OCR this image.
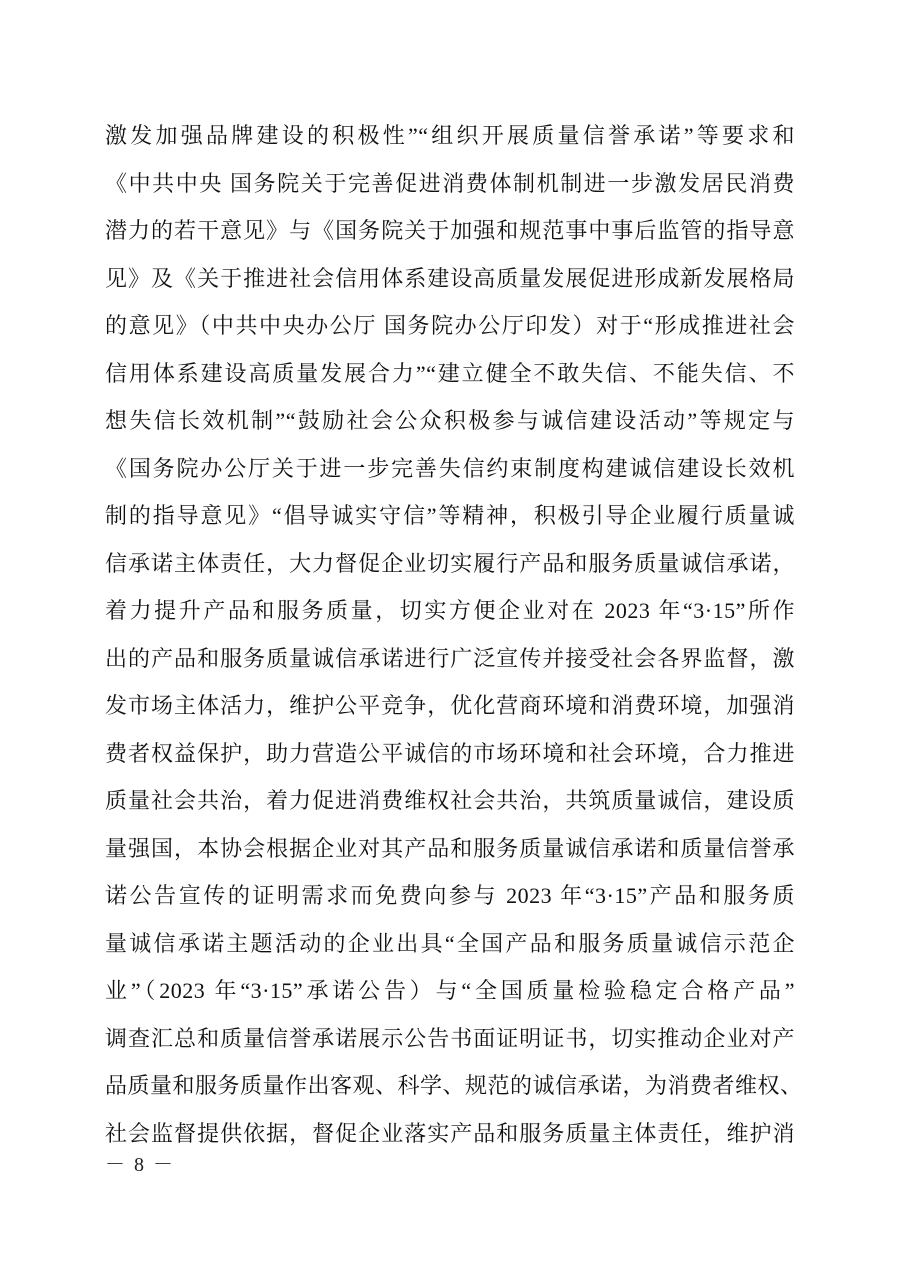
激发加强品牌建设的积极性”“组织开展质量信誉承诺”等要求和
《中共中央 国务院关于完善促进消费体制机制进一步激发居民消费
潜力的若干意见》与《国务院关于加强和规范事中事后监管的指导意
见》及《关于推进社会信用体系建设高质量发展促进形成新发展格局
的意见》（中共中央办公厅 国务院办公厅印发）对于“形成推进社会
信用体系建设高质量发展合力”“建立健全不敢失信、不能失信、不
想失信长效机制”“鼓励社会公众积极参与诚信建设活动”等规定与
《国务院办公厅关于进一步完善失信约束制度构建诚信建设长效机
制的指导意见》“倡导诚实守信”等精神，积极引导企业履行质量诚
信承诺主体责任，大力督促企业切实履行产品和服务质量诚信承诺，
着力提升产品和服务质量，切实方便企业对在 2023 年“3·15”所作
出的产品和服务质量诚信承诺进行广泛宣传并接受社会各界监督，激
发市场主体活力，维护公平竞争，优化营商环境和消费环境，加强消
费者权益保护，助力营造公平诚信的市场环境和社会环境，合力推进
质量社会共治，着力促进消费维权社会共治，共筑质量诚信，建设质
量强国，本协会根据企业对其产品和服务质量诚信承诺和质量信誉承
诺公告宣传的证明需求而免费向参与 2023 年“3·15”产品和服务质
量诚信承诺主题活动的企业出具“全国产品和服务质量诚信示范企
业”（2023 年“3·15”承诺公告）与“全国质量检验稳定合格产品”
调查汇总和质量信誉承诺展示公告书面证明证书，切实推动企业对产
品质量和服务质量作出客观、科学、规范的诚信承诺，为消费者维权、
社会监督提供依据，督促企业落实产品和服务质量主体责任，维护消
－ 8 －
